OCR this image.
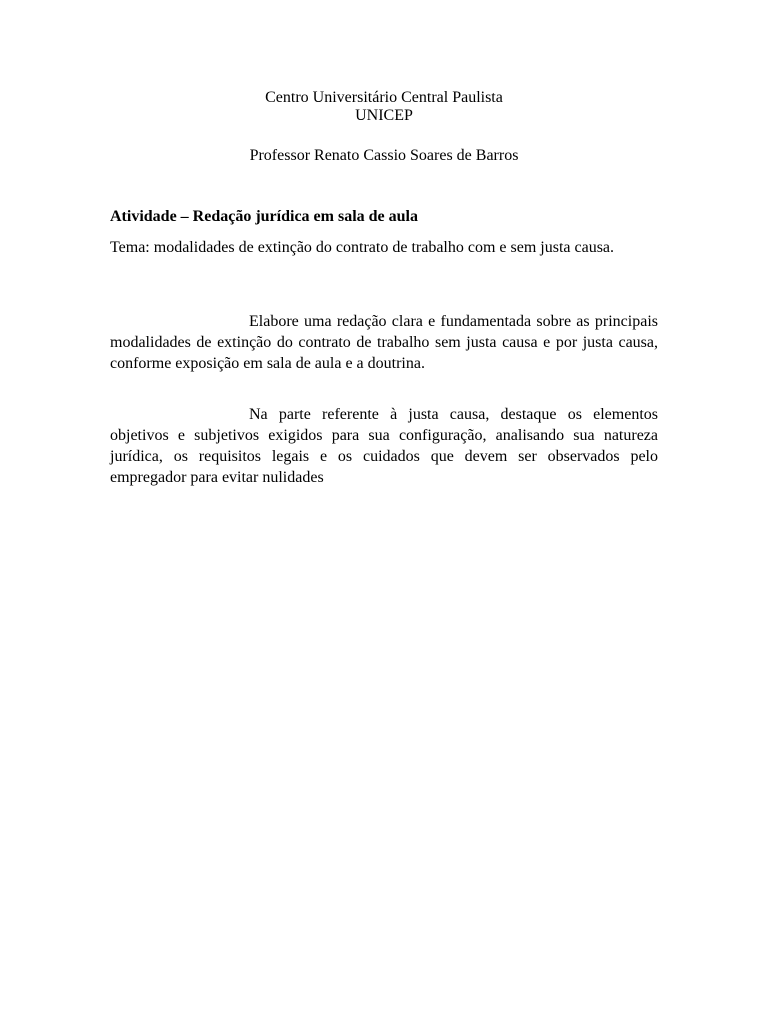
Centro Universitário Central Paulista
UNICEP
Professor Renato Cassio Soares de Barros
Atividade – Redação jurídica em sala de aula
Tema: modalidades de extinção do contrato de trabalho com e sem justa causa.
Elabore uma redação clara e fundamentada sobre as principais modalidades de extinção do contrato de trabalho sem justa causa e por justa causa, conforme exposição em sala de aula e a doutrina.
Na parte referente à justa causa, destaque os elementos objetivos e subjetivos exigidos para sua configuração, analisando sua natureza jurídica, os requisitos legais e os cuidados que devem ser observados pelo empregador para evitar nulidades
